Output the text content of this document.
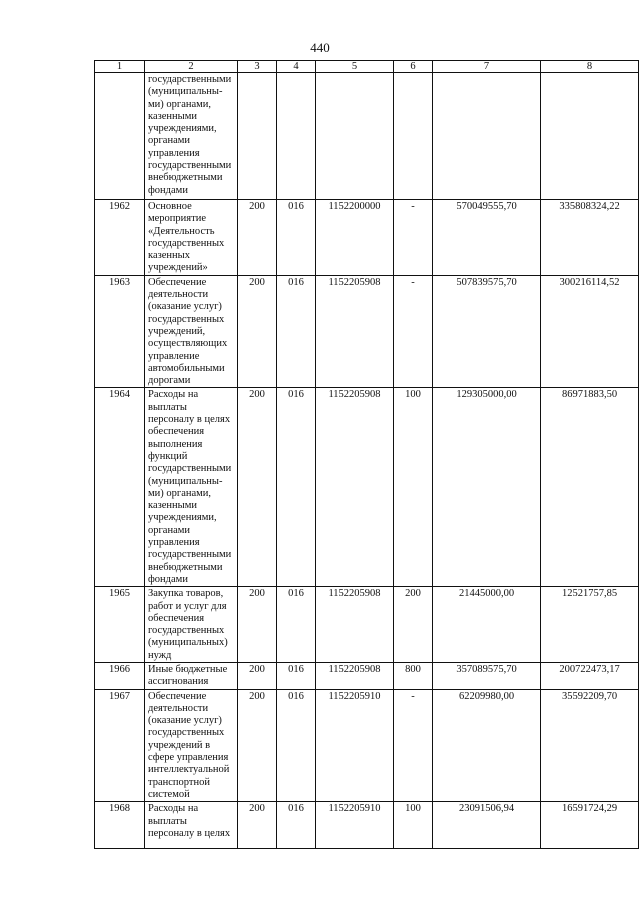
440
1	2	3	4	5	6	7	8
	государственными (муниципальны-ми) органами, казенными учреждениями, органами управления государственными внебюджетными фондами						
1962	Основное мероприятие «Деятельность государственных казенных учреждений»	200	016	1152200000	-	570049555,70	335808324,22
1963	Обеспечение деятельности (оказание услуг) государственных учреждений, осуществляющих управление автомобильными дорогами	200	016	1152205908	-	507839575,70	300216114,52
1964	Расходы на выплаты персоналу в целях обеспечения выполнения функций государственными (муниципальны-ми) органами, казенными учреждениями, органами управления государственными внебюджетными фондами	200	016	1152205908	100	129305000,00	86971883,50
1965	Закупка товаров, работ и услуг для обеспечения государственных (муниципальных) нужд	200	016	1152205908	200	21445000,00	12521757,85
1966	Иные бюджетные ассигнования	200	016	1152205908	800	357089575,70	200722473,17
1967	Обеспечение деятельности (оказание услуг) государственных учреждений в сфере управления интеллектуальной транспортной системой	200	016	1152205910	-	62209980,00	35592209,70
1968	Расходы на выплаты персоналу в целях	200	016	1152205910	100	23091506,94	16591724,29
